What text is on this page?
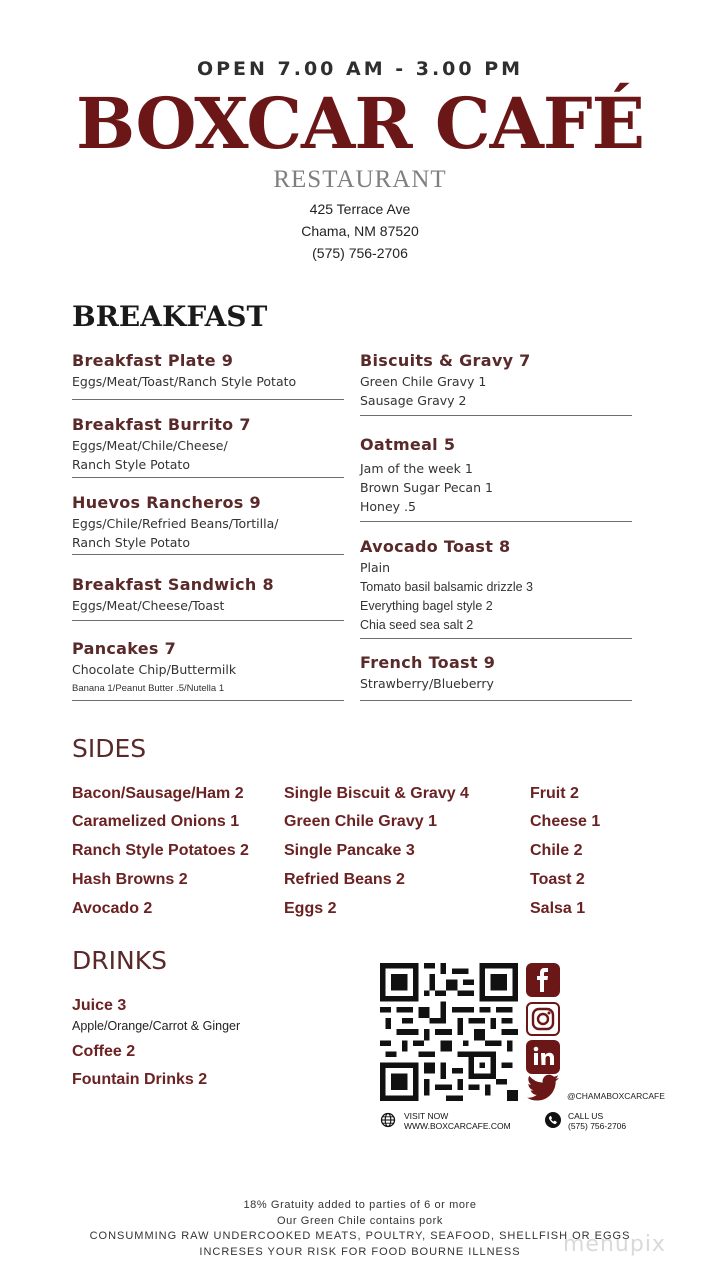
OPEN 7.00 AM - 3.00 PM
BOXCAR CAFÉ
RESTAURANT
425 Terrace Ave
Chama, NM 87520
(575) 756-2706
BREAKFAST
Breakfast Plate 9
Eggs/Meat/Toast/Ranch Style Potato
Breakfast Burrito 7
Eggs/Meat/Chile/Cheese/
Ranch Style Potato
Huevos Rancheros 9
Eggs/Chile/Refried Beans/Tortilla/
Ranch Style Potato
Breakfast Sandwich 8
Eggs/Meat/Cheese/Toast
Pancakes 7
Chocolate Chip/Buttermilk
Banana 1/Peanut Butter .5/Nutella 1
Biscuits & Gravy 7
Green Chile Gravy 1
Sausage Gravy 2
Oatmeal 5
Jam of the week 1
Brown Sugar Pecan 1
Honey .5
Avocado Toast 8
Plain
Tomato basil balsamic drizzle 3
Everything bagel style 2
Chia seed sea salt 2
French Toast 9
Strawberry/Blueberry
SIDES
Bacon/Sausage/Ham 2
Caramelized Onions 1
Ranch Style Potatoes 2
Hash Browns 2
Avocado 2
Single Biscuit & Gravy 4
Green Chile Gravy 1
Single Pancake 3
Refried Beans 2
Eggs 2
Fruit 2
Cheese 1
Chile 2
Toast 2
Salsa 1
DRINKS
Juice 3
Apple/Orange/Carrot & Ginger
Coffee 2
Fountain Drinks 2
@CHAMABOXCARCAFE
VISIT NOW
WWW.BOXCARCAFE.COM
CALL US
(575) 756-2706
18% Gratuity added to parties of 6 or more
Our Green Chile contains pork
CONSUMMING RAW UNDERCOOKED MEATS, POULTRY, SEAFOOD, SHELLFISH OR EGGS
INCRESES YOUR RISK FOR FOOD BOURNE ILLNESS	menupix
